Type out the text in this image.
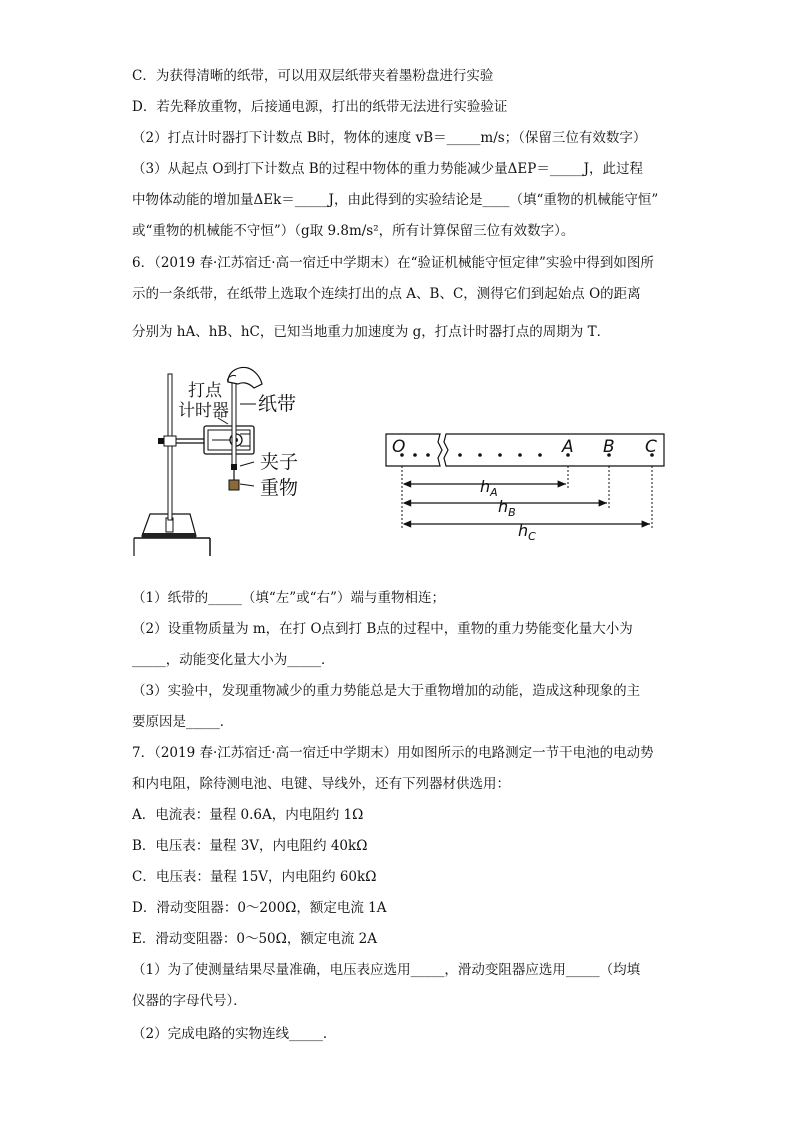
C．为获得清晰的纸带，可以用双层纸带夹着墨粉盘进行实验
D．若先释放重物，后接通电源，打出的纸带无法进行实验验证
（2）打点计时器打下计数点 B时，物体的速度 vB＝_____m/s；（保留三位有效数字）
（3）从起点 O到打下计数点 B的过程中物体的重力势能减少量ΔEP＝_____J，此过程
中物体动能的增加量ΔEk＝_____J，由此得到的实验结论是____（填“重物的机械能守恒”
或“重物的机械能不守恒”）（g取 9.8m/s²，所有计算保留三位有效数字）。
6．（2019 春·江苏宿迁·高一宿迁中学期末）在“验证机械能守恒定律”实验中得到如图所
示的一条纸带，在纸带上选取个连续打出的点 A、B、C，测得它们到起始点 O的距离
分别为 hA、hB、hC，已知当地重力加速度为 g，打点计时器打点的周期为 T．
打点
计时器 纸带
夹子
重物
O	A B C
$h_A$
$h_B$
$h_C$
（1）纸带的_____（填“左”或“右”）端与重物相连；
（2）设重物质量为 m，在打 O点到打 B点的过程中，重物的重力势能变化量大小为
_____，动能变化量大小为_____．
（3）实验中，发现重物减少的重力势能总是大于重物增加的动能，造成这种现象的主
要原因是_____．
7．（2019 春·江苏宿迁·高一宿迁中学期末）用如图所示的电路测定一节干电池的电动势
和内电阻，除待测电池、电键、导线外，还有下列器材供选用：
A．电流表：量程 0.6A，内电阻约 1Ω
B．电压表：量程 3V，内电阻约 40kΩ
C．电压表：量程 15V，内电阻约 60kΩ
D．滑动变阻器：0～200Ω，额定电流 1A
E．滑动变阻器：0～50Ω，额定电流 2A
（1）为了使测量结果尽量准确，电压表应选用_____，滑动变阻器应选用_____（均填
仪器的字母代号）．
（2）完成电路的实物连线_____．
